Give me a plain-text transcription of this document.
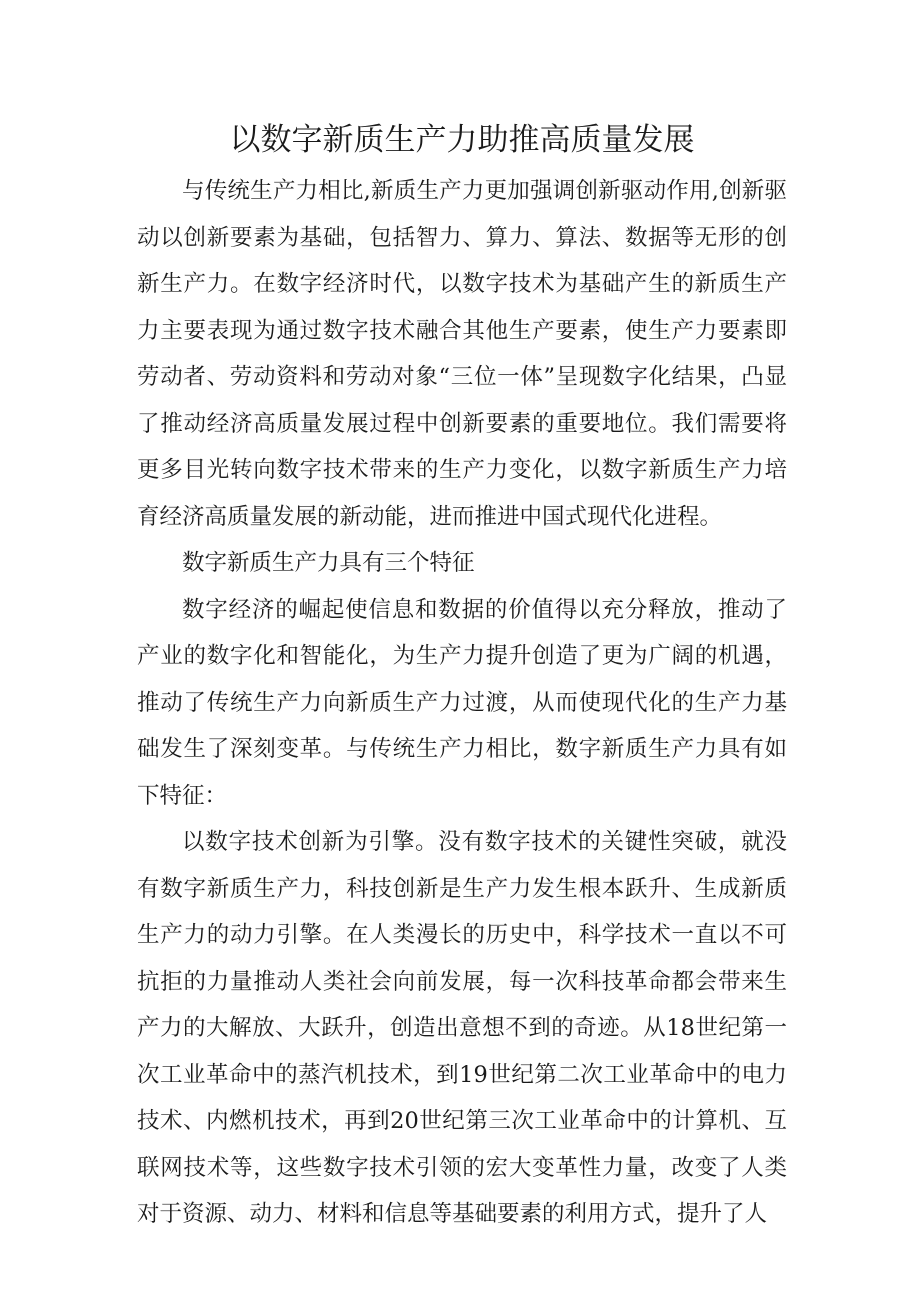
以数字新质生产力助推高质量发展

与传统生产力相比,新质生产力更加强调创新驱动作用,创新驱动以创新要素为基础，包括智力、算力、算法、数据等无形的创新生产力。在数字经济时代，以数字技术为基础产生的新质生产力主要表现为通过数字技术融合其他生产要素，使生产力要素即劳动者、劳动资料和劳动对象“三位一体”呈现数字化结果，凸显了推动经济高质量发展过程中创新要素的重要地位。我们需要将更多目光转向数字技术带来的生产力变化，以数字新质生产力培育经济高质量发展的新动能，进而推进中国式现代化进程。

数字新质生产力具有三个特征

数字经济的崛起使信息和数据的价值得以充分释放，推动了产业的数字化和智能化，为生产力提升创造了更为广阔的机遇，推动了传统生产力向新质生产力过渡，从而使现代化的生产力基础发生了深刻变革。与传统生产力相比，数字新质生产力具有如下特征：

以数字技术创新为引擎。没有数字技术的关键性突破，就没有数字新质生产力，科技创新是生产力发生根本跃升、生成新质生产力的动力引擎。在人类漫长的历史中，科学技术一直以不可抗拒的力量推动人类社会向前发展，每一次科技革命都会带来生产力的大解放、大跃升，创造出意想不到的奇迹。从18世纪第一次工业革命中的蒸汽机技术，到19世纪第二次工业革命中的电力技术、内燃机技术，再到20世纪第三次工业革命中的计算机、互联网技术等，这些数字技术引领的宏大变革性力量，改变了人类对于资源、动力、材料和信息等基础要素的利用方式，提升了人
